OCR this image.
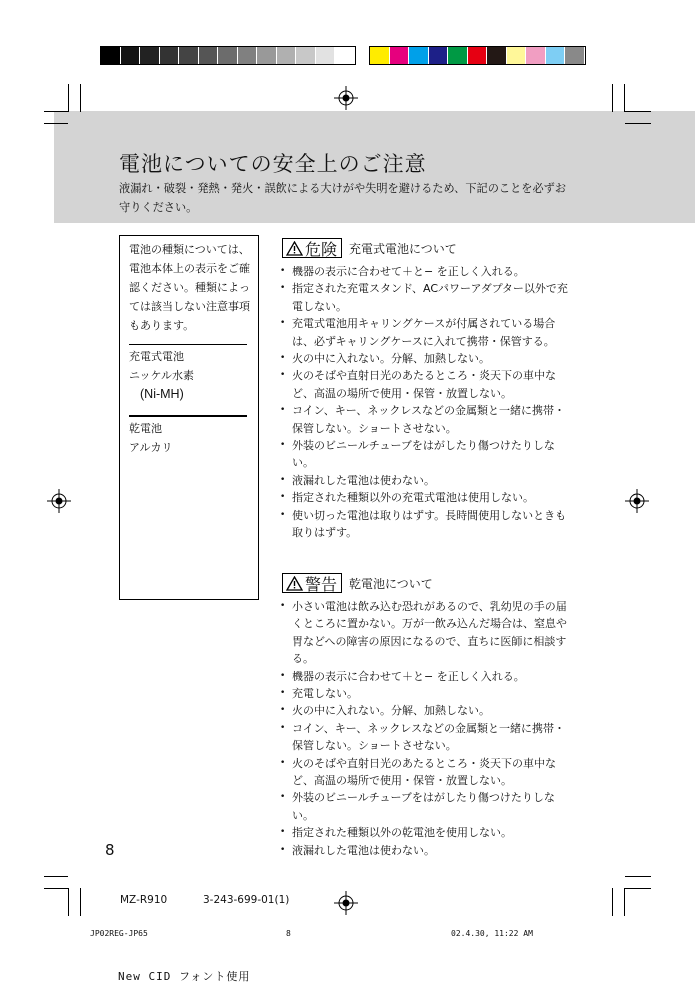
電池についての安全上のご注意

液漏れ・破裂・発熱・発火・誤飲による大けがや失明を避けるため、下記のことを必ずお守りください。

電池の種類については、電池本体上の表示をご確認ください。種類によっては該当しない注意事項もあります。
充電式電池
ニッケル水素
(Ni-MH)
乾電池
アルカリ
危険 充電式電池について
• 機器の表示に合わせて＋と− を正しく入れる。
• 指定された充電スタンド、ACパワーアダプター以外で充電しない。
• 充電式電池用キャリングケースが付属されている場合は、必ずキャリングケースに入れて携帯・保管する。
• 火の中に入れない。分解、加熱しない。
• 火のそばや直射日光のあたるところ・炎天下の車中など、高温の場所で使用・保管・放置しない。
• コイン、キー、ネックレスなどの金属類と一緒に携帯・保管しない。ショートさせない。
• 外装のビニールチューブをはがしたり傷つけたりしない。
• 液漏れした電池は使わない。
• 指定された種類以外の充電式電池は使用しない。
• 使い切った電池は取りはずす。長時間使用しないときも取りはずす。
警告 乾電池について
• 小さい電池は飲み込む恐れがあるので、乳幼児の手の届くところに置かない。万が一飲み込んだ場合は、窒息や胃などへの障害の原因になるので、直ちに医師に相談する。
• 機器の表示に合わせて＋と− を正しく入れる。
• 充電しない。
• 火の中に入れない。分解、加熱しない。
• コイン、キー、ネックレスなどの金属類と一緒に携帯・保管しない。ショートさせない。
• 火のそばや直射日光のあたるところ・炎天下の車中など、高温の場所で使用・保管・放置しない。
• 外装のビニールチューブをはがしたり傷つけたりしない。
• 指定された種類以外の乾電池を使用しない。
• 液漏れした電池は使わない。
8
MZ-R910	3-243-699-01(1)
JP02REG-JP65	8	02.4.30, 11:22 AM
New CID フォント使用
